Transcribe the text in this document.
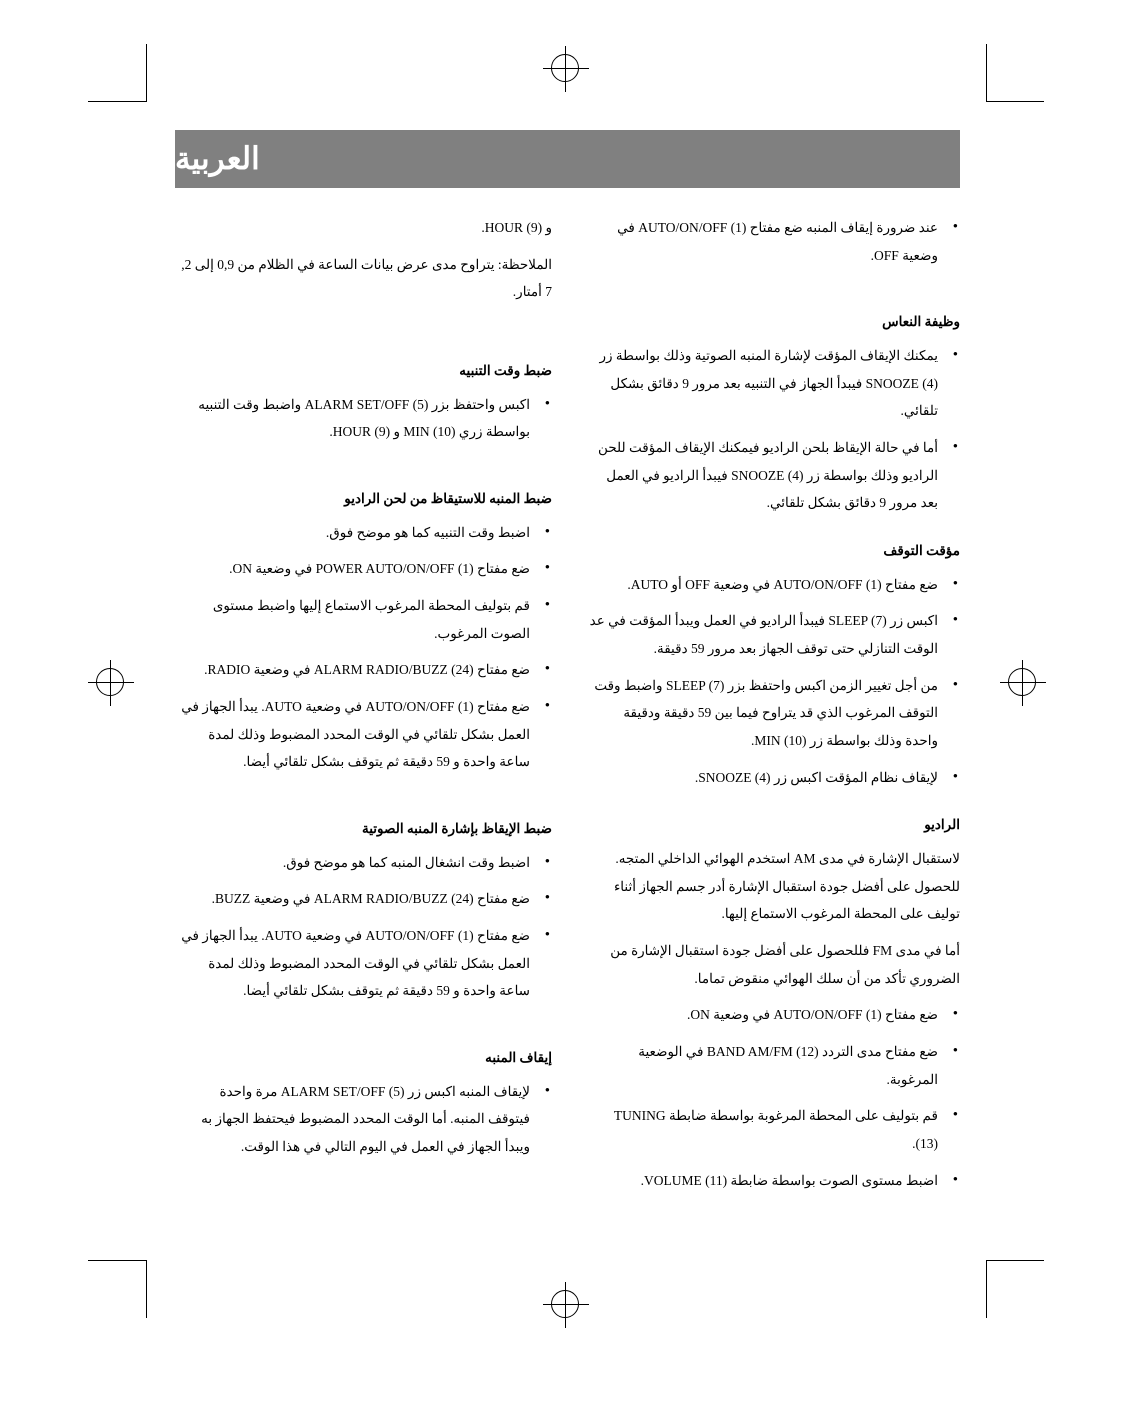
العربية
• عند ضرورة إيقاف المنبه ضع مفتاح AUTO/ON/OFF (1) في وضعية OFF.
وظيفة النعاس
• يمكنك الإيقاف المؤقت لإشارة المنبه الصوتية وذلك بواسطة زر SNOOZE (4) فيبدأ الجهاز في التنبيه بعد مرور 9 دقائق بشكل تلقائي.
• أما في حالة الإيقاظ بلحن الراديو فيمكنك الإيقاف المؤقت للحن الراديو وذلك بواسطة زر SNOOZE (4) فيبدأ الراديو في العمل بعد مرور 9 دقائق بشكل تلقائي.
مؤقت التوقف
• ضع مفتاح AUTO/ON/OFF (1) في وضعية OFF أو AUTO.
• اكبس زر SLEEP (7) فيبدأ الراديو في العمل ويبدأ المؤقت في عد الوقت التنازلي حتى توقف الجهاز بعد مرور 59 دقيقة.
• من أجل تغيير الزمن اكبس واحتفظ بزر SLEEP (7) واضبط وقت التوقف المرغوب الذي قد يتراوح فيما بين 59 دقيقة ودقيقة واحدة وذلك بواسطة زر MIN (10).
• لإيقاف نظام المؤقت اكبس زر SNOOZE (4).
الراديو

لاستقبال الإشارة في مدى AM استخدم الهوائي الداخلي المتجه. للحصول على أفضل جودة استقبال الإشارة أدر جسم الجهاز أثناء توليف على المحطة المرغوب الاستماع إليها.

أما في مدى FM فللحصول على أفضل جودة استقبال الإشارة من الضروري تأكد من أن سلك الهوائي منقوض تماما.

• ضع مفتاح AUTO/ON/OFF (1) في وضعية ON.
• ضع مفتاح مدى التردد BAND AM/FM (12) في الوضعية المرغوبة.
• قم بتوليف على المحطة المرغوبة بواسطة ضابطة TUNING (13).
• اضبط مستوى الصوت بواسطة ضابطة VOLUME (11).

و HOUR (9).

الملاحظة: يتراوح مدى عرض بيانات الساعة في الظلام من 0,9 إلى 2, 7 أمتار.

ضبط وقت التنبيه
• اكبس واحتفظ بزر ALARM SET/OFF (5) واضبط وقت التنبيه بواسطة زري MIN (10) و HOUR (9).
ضبط المنبه للاستيقاظ من لحن الراديو
• اضبط وقت التنبيه كما هو موضح فوق.
• ضع مفتاح POWER AUTO/ON/OFF (1) في وضعية ON.
• قم بتوليف المحطة المرغوب الاستماع إليها واضبط مستوى الصوت المرغوب.
• ضع مفتاح ALARM RADIO/BUZZ (24) في وضعية RADIO.
• ضع مفتاح AUTO/ON/OFF (1) في وضعية AUTO. يبدأ الجهاز في العمل بشكل تلقائي في الوقت المحدد المضبوط وذلك لمدة ساعة واحدة و 59 دقيقة ثم يتوقف بشكل تلقائي أيضا.
ضبط الإيقاظ بإشارة المنبه الصوتية
• اضبط وقت انشغال المنبه كما هو موضح فوق.
• ضع مفتاح ALARM RADIO/BUZZ (24) في وضعية BUZZ.
• ضع مفتاح AUTO/ON/OFF (1) في وضعية AUTO. يبدأ الجهاز في العمل بشكل تلقائي في الوقت المحدد المضبوط وذلك لمدة ساعة واحدة و 59 دقيقة ثم يتوقف بشكل تلقائي أيضا.
إيقاف المنبه
• لإيقاف المنبه اكبس زر ALARM SET/OFF (5) مرة واحدة فيتوقف المنبه. أما الوقت المحدد المضبوط فيحتفظ الجهاز به ويبدأ الجهاز في العمل في اليوم التالي في هذا الوقت.
